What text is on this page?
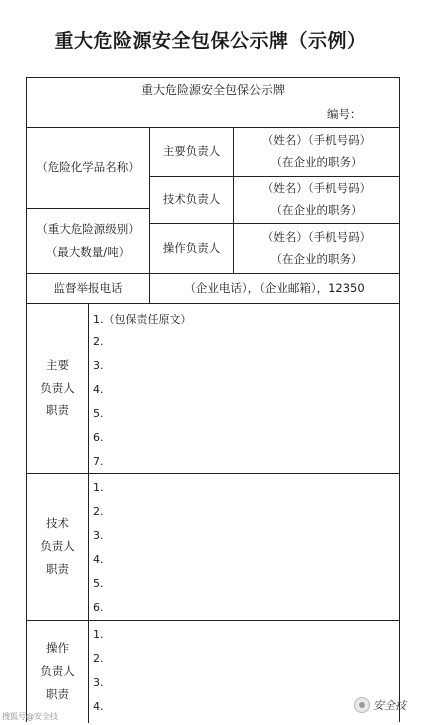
重大危险源安全包保公示牌（示例）
重大危险源安全包保公示牌
编号：
（危险化学品名称）
（重大危险源级别）
（最大数量/吨）
主要负责人
（姓名）（手机号码）
（在企业的职务）
技术负责人
（姓名）（手机号码）
（在企业的职务）
操作负责人
（姓名）（手机号码）
（在企业的职务）
监督举报电话	（企业电话），（企业邮箱），12350
主要
负责人
职责
1.（包保责任原文）
2.
3.
4.
5.
6.
7.
技术
负责人
职责
1.
2.
3.
4.
5.
6.
操作
负责人
职责
1.
2.
3.
4.
搜狐号@安全技
安全技
